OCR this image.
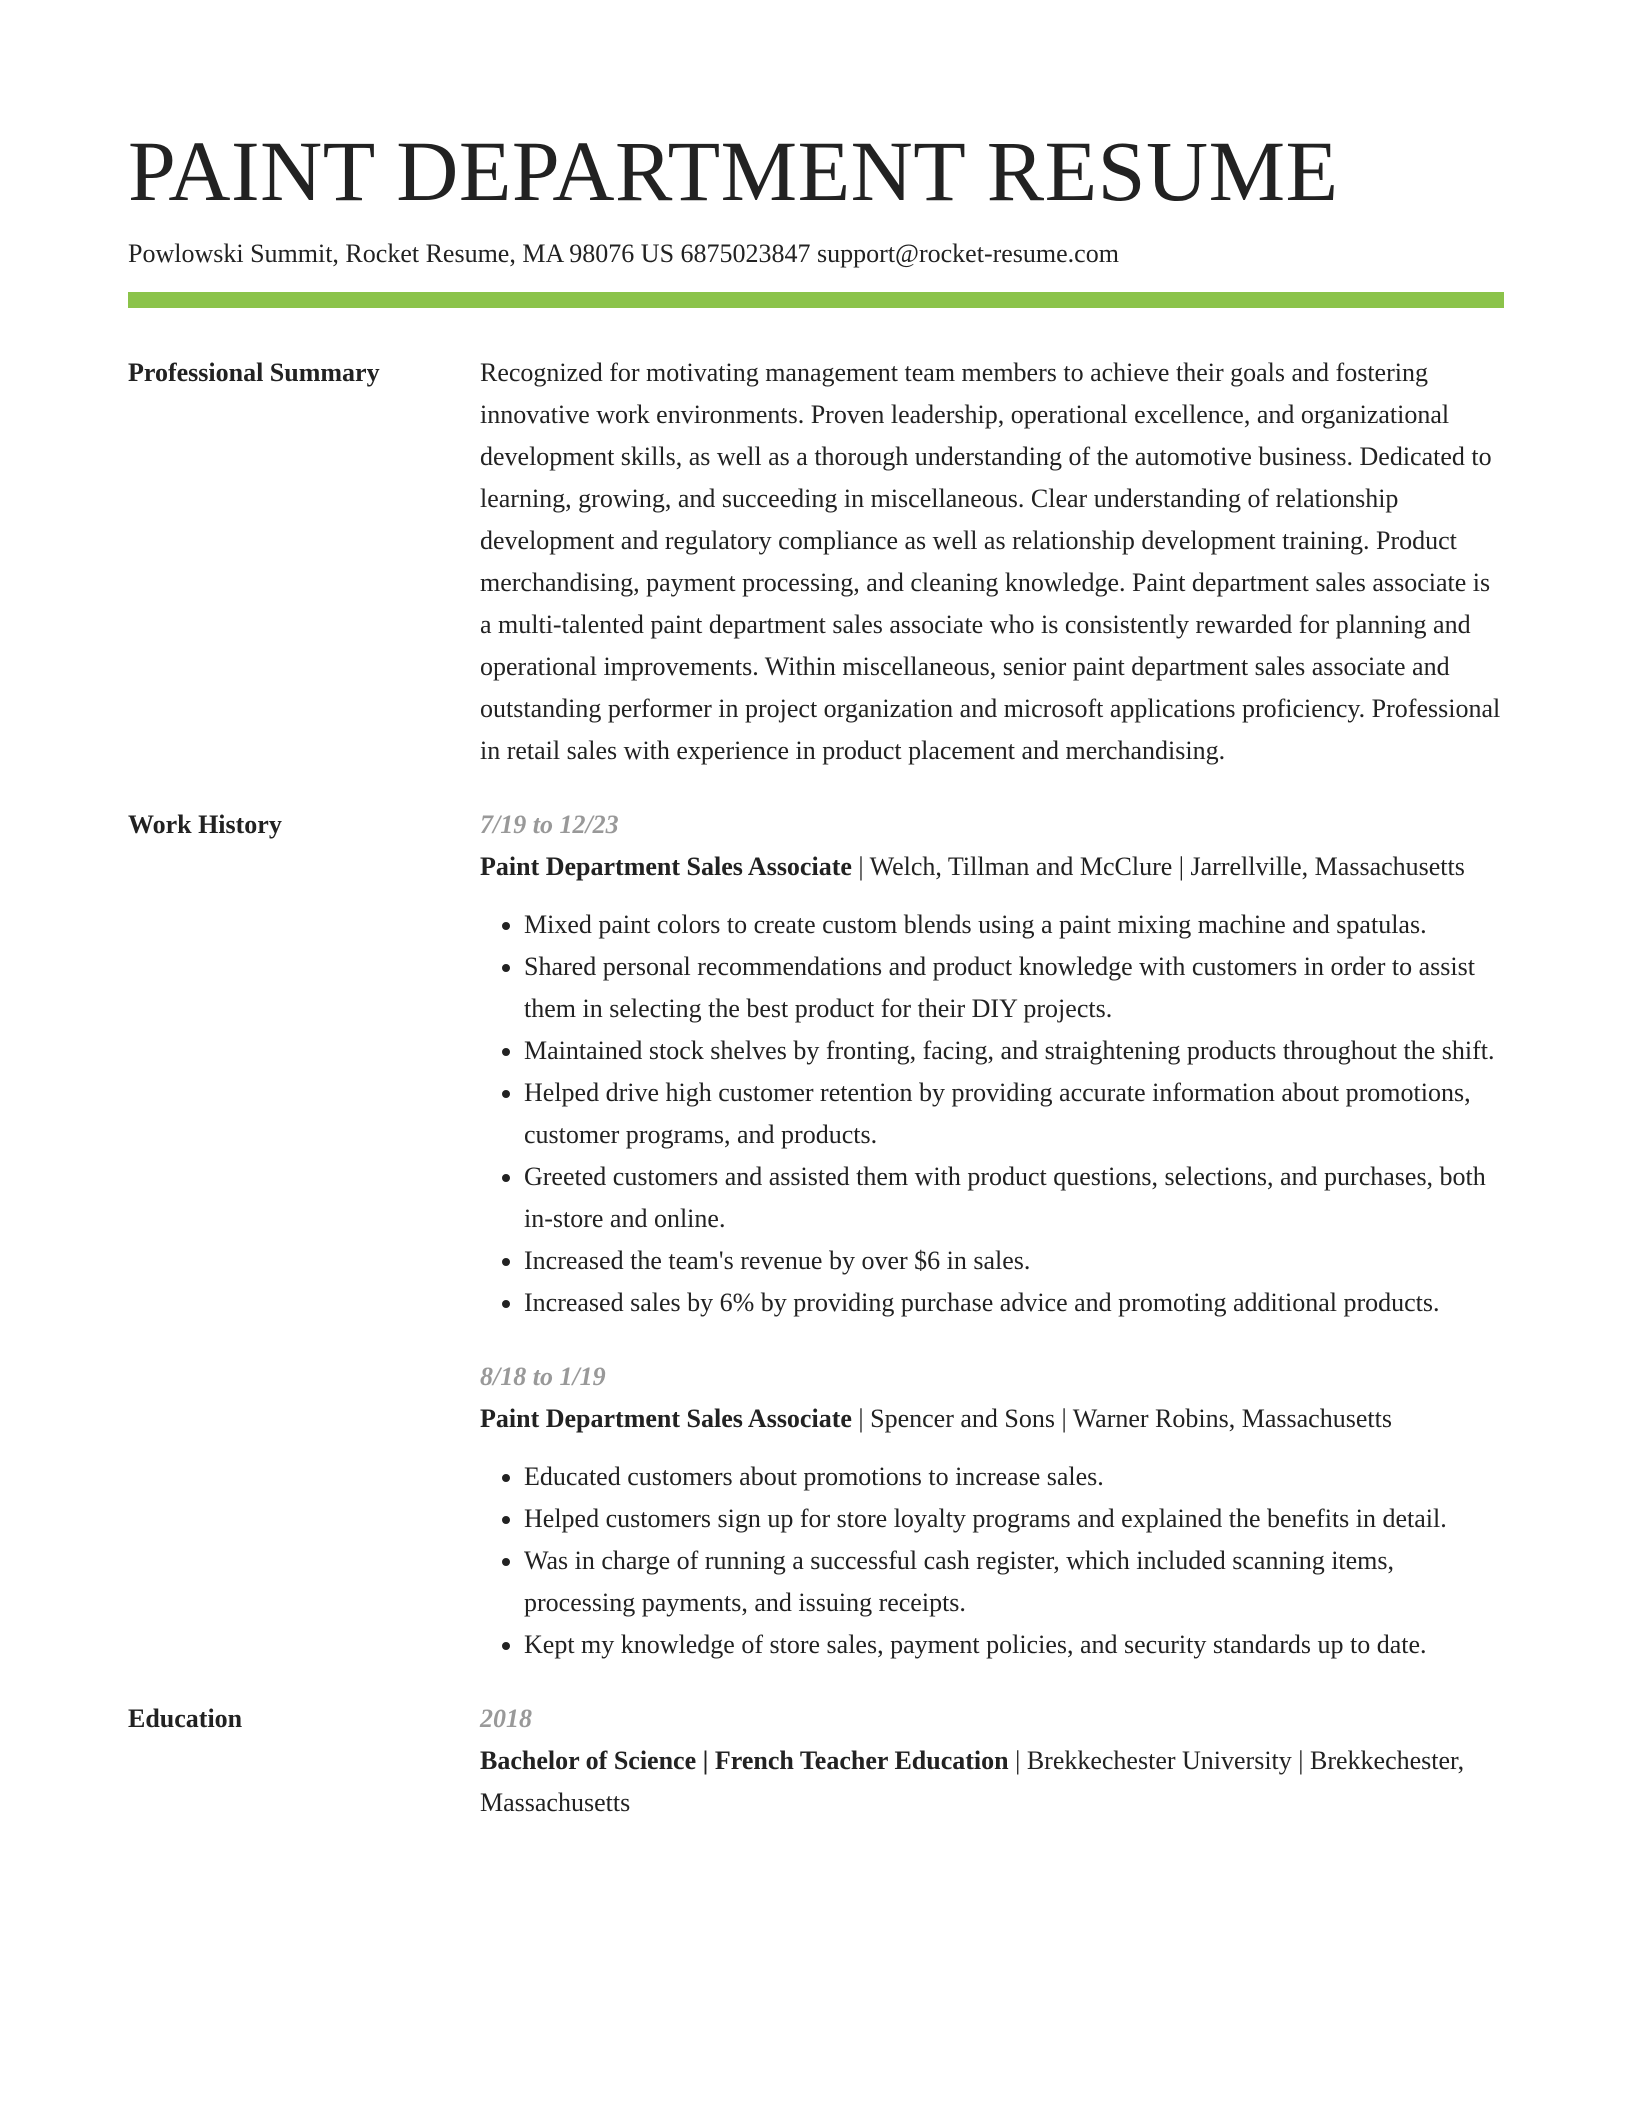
PAINT DEPARTMENT RESUME
Powlowski Summit, Rocket Resume, MA 98076 US 6875023847 support@rocket-resume.com
Professional Summary	Recognized for motivating management team members to achieve their goals and fostering innovative work environments. Proven leadership, operational excellence, and organizational development skills, as well as a thorough understanding of the automotive business. Dedicated to learning, growing, and succeeding in miscellaneous. Clear understanding of relationship development and regulatory compliance as well as relationship development training. Product merchandising, payment processing, and cleaning knowledge. Paint department sales associate is a multi-talented paint department sales associate who is consistently rewarded for planning and operational improvements. Within miscellaneous, senior paint department sales associate and outstanding performer in project organization and microsoft applications proficiency. Professional in retail sales with experience in product placement and merchandising.
Work History	7/19 to 12/23
Paint Department Sales Associate | Welch, Tillman and McClure | Jarrellville, Massachusetts
• Mixed paint colors to create custom blends using a paint mixing machine and spatulas.
• Shared personal recommendations and product knowledge with customers in order to assist them in selecting the best product for their DIY projects.
• Maintained stock shelves by fronting, facing, and straightening products throughout the shift.
• Helped drive high customer retention by providing accurate information about promotions, customer programs, and products.
• Greeted customers and assisted them with product questions, selections, and purchases, both in-store and online.
• Increased the team's revenue by over $6 in sales.
• Increased sales by 6% by providing purchase advice and promoting additional products.
8/18 to 1/19
Paint Department Sales Associate | Spencer and Sons | Warner Robins, Massachusetts
• Educated customers about promotions to increase sales.
• Helped customers sign up for store loyalty programs and explained the benefits in detail.
• Was in charge of running a successful cash register, which included scanning items, processing payments, and issuing receipts.
• Kept my knowledge of store sales, payment policies, and security standards up to date.
Education	2018
Bachelor of Science | French Teacher Education | Brekkechester University | Brekkechester, Massachusetts
